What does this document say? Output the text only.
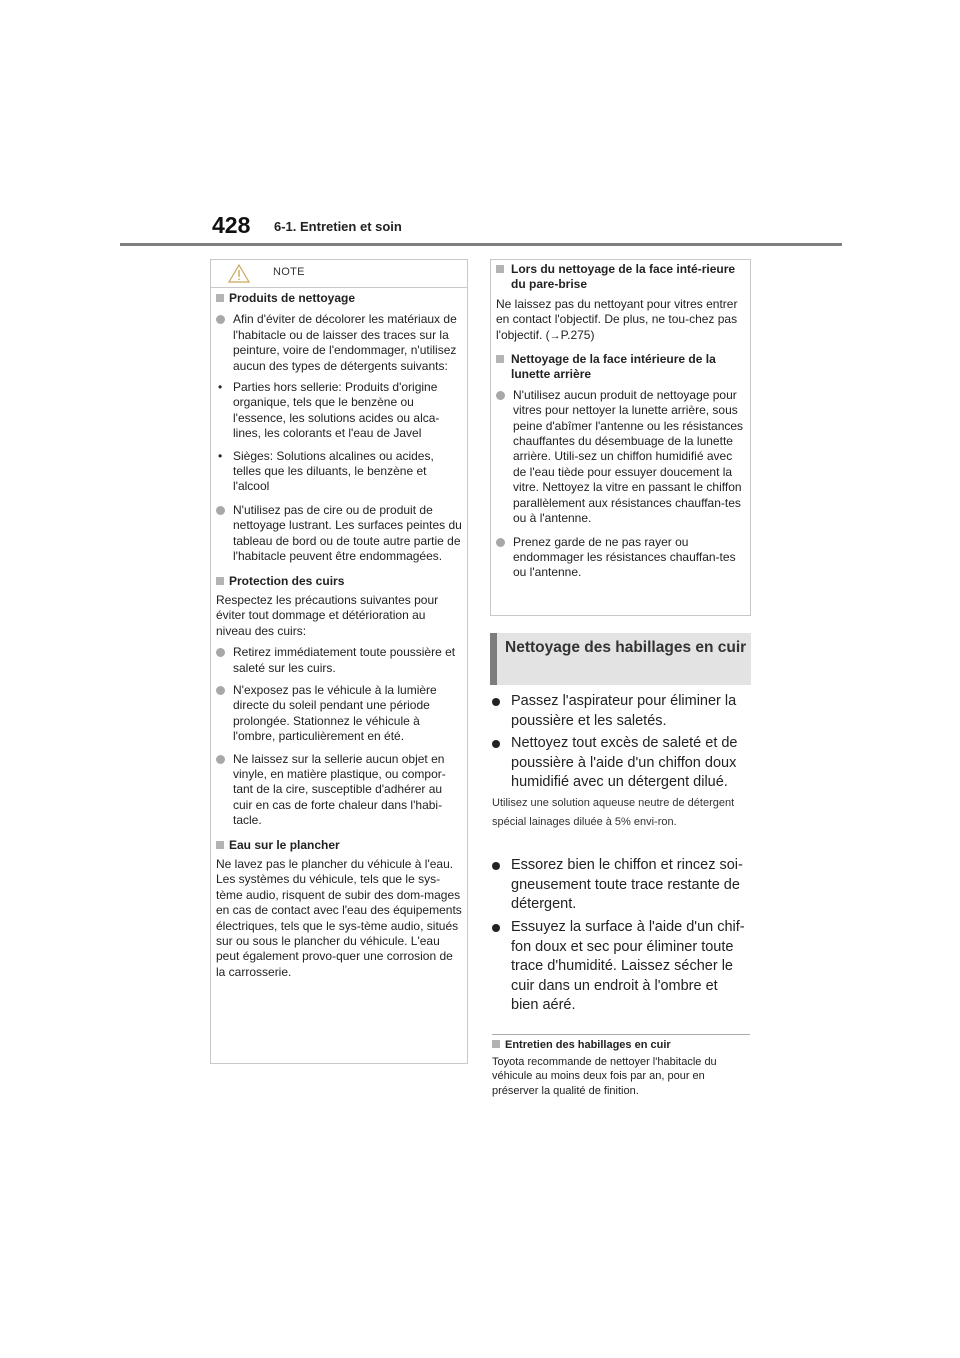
428 6-1. Entretien et soin
NOTE

Produits de nettoyage

Afin d'éviter de décolorer les matériaux de l'habitacle ou de laisser des traces sur la peinture, voire de l'endommager, n'utilisez aucun des types de détergents suivants:
• Parties hors sellerie: Produits d'origine organique, tels que le benzène ou l'essence, les solutions acides ou alca-lines, les colorants et l'eau de Javel
• Sièges: Solutions alcalines ou acides, telles que les diluants, le benzène et l'alcool
N'utilisez pas de cire ou de produit de nettoyage lustrant. Les surfaces peintes du tableau de bord ou de toute autre partie de l'habitacle peuvent être endommagées.

Protection des cuirs

Respectez les précautions suivantes pour éviter tout dommage et détérioration au niveau des cuirs:

Retirez immédiatement toute poussière et saleté sur les cuirs.
N'exposez pas le véhicule à la lumière directe du soleil pendant une période prolongée. Stationnez le véhicule à l'ombre, particulièrement en été.
Ne laissez sur la sellerie aucun objet en vinyle, en matière plastique, ou compor-tant de la cire, susceptible d'adhérer au cuir en cas de forte chaleur dans l'habi-tacle.

Eau sur le plancher

Ne lavez pas le plancher du véhicule à l'eau.

Les systèmes du véhicule, tels que le sys-tème audio, risquent de subir des dom-mages en cas de contact avec l'eau des équipements électriques, tels que le sys-tème audio, situés sur ou sous le plancher du véhicule. L'eau peut également provo-quer une corrosion de la carrosserie.

Lors du nettoyage de la face inté-rieure du pare-brise

Ne laissez pas du nettoyant pour vitres entrer en contact l'objectif. De plus, ne tou-chez pas l'objectif. (→P.275)

Nettoyage de la face intérieure de la lunette arrière
N'utilisez aucun produit de nettoyage pour vitres pour nettoyer la lunette arrière, sous peine d'abîmer l'antenne ou les résistances chauffantes du désembuage de la lunette arrière. Utili-sez un chiffon humidifié avec de l'eau tiède pour essuyer doucement la vitre. Nettoyez la vitre en passant le chiffon parallèlement aux résistances chauffan-tes ou à l'antenne.
Prenez garde de ne pas rayer ou endommager les résistances chauffan-tes ou l'antenne.
Nettoyage des habillages en cuir
Passez l'aspirateur pour éliminer la poussière et les saletés.
Nettoyez tout excès de saleté et de poussière à l'aide d'un chiffon doux humidifié avec un détergent dilué.
Utilisez une solution aqueuse neutre de détergent spécial lainages diluée à 5% envi-ron.
Essorez bien le chiffon et rincez soi-gneusement toute trace restante de détergent.
Essuyez la surface à l'aide d'un chif-fon doux et sec pour éliminer toute trace d'humidité. Laissez sécher le cuir dans un endroit à l'ombre et bien aéré.

Entretien des habillages en cuir

Toyota recommande de nettoyer l'habitacle du véhicule au moins deux fois par an, pour en préserver la qualité de finition.
